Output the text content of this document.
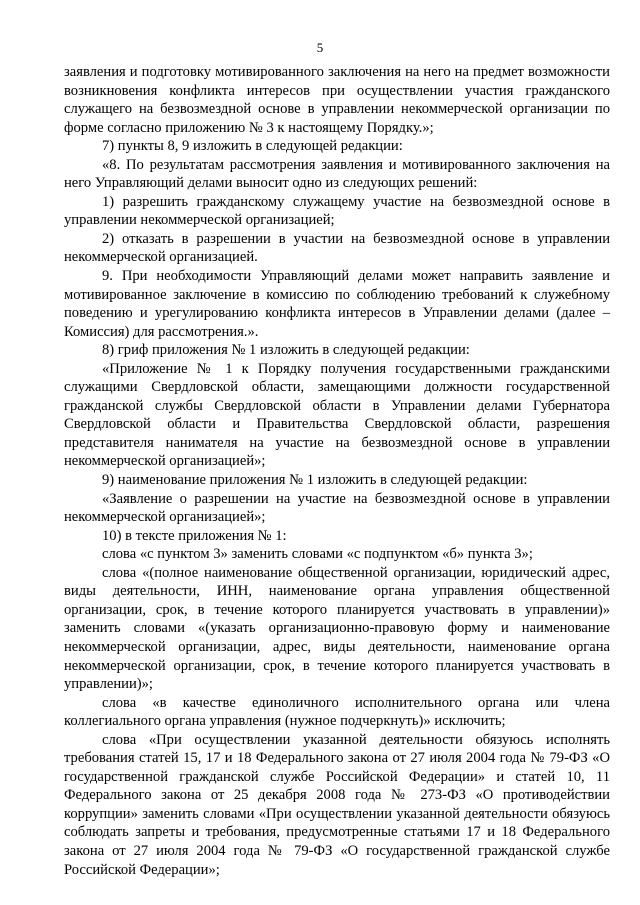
5

заявления и подготовку мотивированного заключения на него на предмет возможности возникновения конфликта интересов при осуществлении участия гражданского служащего на безвозмездной основе в управлении некоммерческой организации по форме согласно приложению № 3 к настоящему Порядку.»;

7) пункты 8, 9 изложить в следующей редакции:

«8. По результатам рассмотрения заявления и мотивированного заключения на него Управляющий делами выносит одно из следующих решений:

1) разрешить гражданскому служащему участие на безвозмездной основе в управлении некоммерческой организацией;

2) отказать в разрешении в участии на безвозмездной основе в управлении некоммерческой организацией.

9. При необходимости Управляющий делами может направить заявление и мотивированное заключение в комиссию по соблюдению требований к служебному поведению и урегулированию конфликта интересов в Управлении делами (далее – Комиссия) для рассмотрения.».

8) гриф приложения № 1 изложить в следующей редакции:

«Приложение № 1 к Порядку получения государственными гражданскими служащими Свердловской области, замещающими должности государственной гражданской службы Свердловской области в Управлении делами Губернатора Свердловской области и Правительства Свердловской области, разрешения представителя нанимателя на участие на безвозмездной основе в управлении некоммерческой организацией»;

9) наименование приложения № 1 изложить в следующей редакции:

«Заявление о разрешении на участие на безвозмездной основе в управлении некоммерческой организацией»;

10) в тексте приложения № 1:

слова «с пунктом 3» заменить словами «с подпунктом «б» пункта 3»;

слова «(полное наименование общественной организации, юридический адрес, виды деятельности, ИНН, наименование органа управления общественной организации, срок, в течение которого планируется участвовать в управлении)» заменить словами «(указать организационно-правовую форму и наименование некоммерческой организации, адрес, виды деятельности, наименование органа некоммерческой организации, срок, в течение которого планируется участвовать в управлении)»;

слова «в качестве единоличного исполнительного органа или члена коллегиального органа управления (нужное подчеркнуть)» исключить;

слова «При осуществлении указанной деятельности обязуюсь исполнять требования статей 15, 17 и 18 Федерального закона от 27 июля 2004 года № 79-ФЗ «О государственной гражданской службе Российской Федерации» и статей 10, 11 Федерального закона от 25 декабря 2008 года № 273-ФЗ «О противодействии коррупции» заменить словами «При осуществлении указанной деятельности обязуюсь соблюдать запреты и требования, предусмотренные статьями 17 и 18 Федерального закона от 27 июля 2004 года № 79-ФЗ «О государственной гражданской службе Российской Федерации»;
